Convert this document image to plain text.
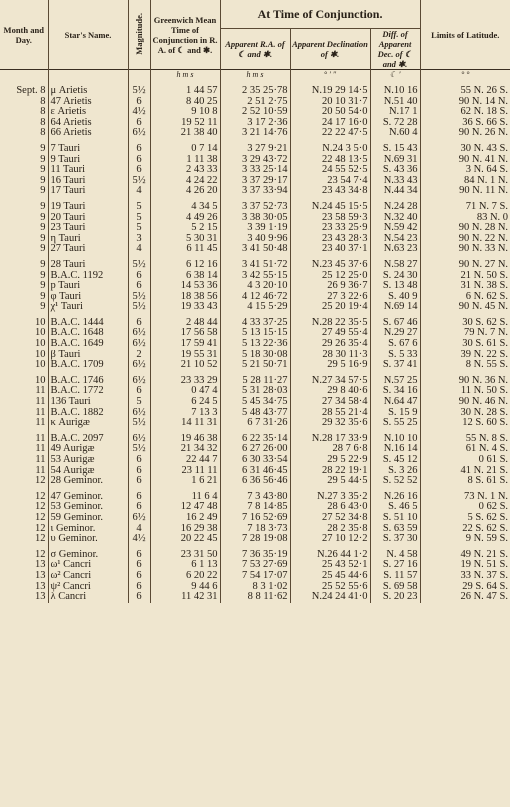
Month and Day.	Star's Name.	Magnitude.	Greenwich Mean Time of Conjunction in R. A. of ☾ and ✱.	At Time of Conjunction.			Limits of Latitude.
				Apparent R.A. of ☾ and ✱.	Apparent Declination of ✱.	Diff. of Apparent Dec. of ☾ and ✱.	
			h m s	h m s	° ′ ″	☾ ′	° °
Sept. 8	μ Arietis	5½	1 44 57	2 35 25·78	N.19 29 14·5	N.10 16	55 N. 26 S.
8	47 Arietis	6	8 40 25	2 51 2·75	20 10 31·7	N.51 40	90 N. 14 N.
8	ε Arietis	4½	9 10 8	2 52 10·59	20 50 54·0	N.17 1	62 N. 18 S.
8	64 Arietis	6	19 52 11	3 17 2·36	24 17 16·0	S. 72 28	36 S. 66 S.
8	66 Arietis	6½	21 38 40	3 21 14·76	22 22 47·5	N.60 4	90 N. 26 N.
9	7 Tauri	6	0 7 14	3 27 9·21	N.24 3 5·0	S. 15 43	30 N. 43 S.
9	9 Tauri	6	1 11 38	3 29 43·72	22 48 13·5	N.69 31	90 N. 41 N.
9	11 Tauri	6	2 43 33	3 33 25·14	24 55 52·5	S. 43 36	3 N. 64 S.
9	16 Tauri	5½	4 24 22	3 37 29·17	23 54 7·4	N.33 43	84 N. 1 N.
9	17 Tauri	4	4 26 20	3 37 33·94	23 43 34·8	N.44 34	90 N. 11 N.
9	19 Tauri	5	4 34 5	3 37 52·73	N.24 45 15·5	N.24 28	71 N. 7 S.
9	20 Tauri	5	4 49 26	3 38 30·05	23 58 59·3	N.32 40	83 N. 0
9	23 Tauri	5	5 2 15	3 39 1·19	23 33 25·9	N.59 42	90 N. 28 N.
9	η Tauri	3	5 30 31	3 40 9·96	23 43 28·3	N.54 23	90 N. 22 N.
9	27 Tauri	4	6 11 45	3 41 50·48	23 40 37·1	N.63 23	90 N. 33 N.
9	28 Tauri	5½	6 12 16	3 41 51·72	N.23 45 37·6	N.58 27	90 N. 27 N.
9	B.A.C. 1192	6	6 38 14	3 42 55·15	25 12 25·0	S. 24 30	21 N. 50 S.
9	p Tauri	6	14 53 36	4 3 20·10	26 9 36·7	S. 13 48	31 N. 38 S.
9	φ Tauri	5½	18 38 56	4 12 46·72	27 3 22·6	S. 40 9	6 N. 62 S.
9	χ¹ Tauri	5½	19 33 43	4 15 5·29	25 20 19·4	N.69 14	90 N. 45 N.
10	B.A.C. 1444	6	2 48 44	4 33 37·25	N.28 22 35·5	S. 67 46	30 S. 62 S.
10	B.A.C. 1648	6½	17 56 58	5 13 15·15	27 49 55·4	N.29 27	79 N. 7 N.
10	B.A.C. 1649	6½	17 59 41	5 13 22·36	29 26 35·4	S. 67 6	30 S. 61 S.
10	β Tauri	2	19 55 31	5 18 30·08	28 30 11·3	S. 5 33	39 N. 22 S.
10	B.A.C. 1709	6½	21 10 52	5 21 50·71	29 5 16·9	S. 37 41	8 N. 55 S.
10	B.A.C. 1746	6½	23 33 29	5 28 11·27	N.27 34 57·5	N.57 25	90 N. 36 N.
11	B.A.C. 1772	6	0 47 4	5 31 28·03	29 8 40·6	S. 34 16	11 N. 50 S.
11	136 Tauri	5	6 24 5	5 45 34·75	27 34 58·4	N.64 47	90 N. 46 N.
11	B.A.C. 1882	6½	7 13 3	5 48 43·77	28 55 21·4	S. 15 9	30 N. 28 S.
11	κ Aurigæ	5½	14 11 31	6 7 31·26	29 32 35·6	S. 55 25	12 S. 60 S.
11	B.A.C. 2097	6½	19 46 38	6 22 35·14	N.28 17 33·9	N.10 10	55 N. 8 S.
11	49 Aurigæ	5½	21 34 32	6 27 26·00	28 7 6·8	N.16 14	61 N. 4 S.
11	53 Aurigæ	6	22 44 7	6 30 33·54	29 5 22·9	S. 45 12	0 61 S.
11	54 Aurigæ	6	23 11 11	6 31 46·45	28 22 19·1	S. 3 26	41 N. 21 S.
12	28 Geminor.	6	1 6 21	6 36 56·46	29 5 44·5	S. 52 52	8 S. 61 S.
12	47 Geminor.	6	11 6 4	7 3 43·80	N.27 3 35·2	N.26 16	73 N. 1 N.
12	53 Geminor.	6	12 47 48	7 8 14·85	28 6 43·0	S. 46 5	0 62 S.
12	59 Geminor.	6½	16 2 49	7 16 52·69	27 52 34·8	S. 51 10	5 S. 62 S.
12	ι Geminor.	4	16 29 38	7 18 3·73	28 2 35·8	S. 63 59	22 S. 62 S.
12	υ Geminor.	4½	20 22 45	7 28 19·08	27 10 12·2	S. 37 30	9 N. 59 S.
12	σ Geminor.	6	23 31 50	7 36 35·19	N.26 44 1·2	N. 4 58	49 N. 21 S.
13	ω¹ Cancri	6	6 1 13	7 53 27·69	25 43 52·1	S. 27 16	19 N. 51 S.
13	ω² Cancri	6	6 20 22	7 54 17·07	25 45 44·6	S. 11 57	33 N. 37 S.
13	ψ² Cancri	6	9 44 6	8 3 1·02	25 52 55·6	S. 69 58	29 S. 64 S.
13	λ Cancri	6	11 42 31	8 8 11·62	N.24 24 41·0	S. 20 23	26 N. 47 S.
